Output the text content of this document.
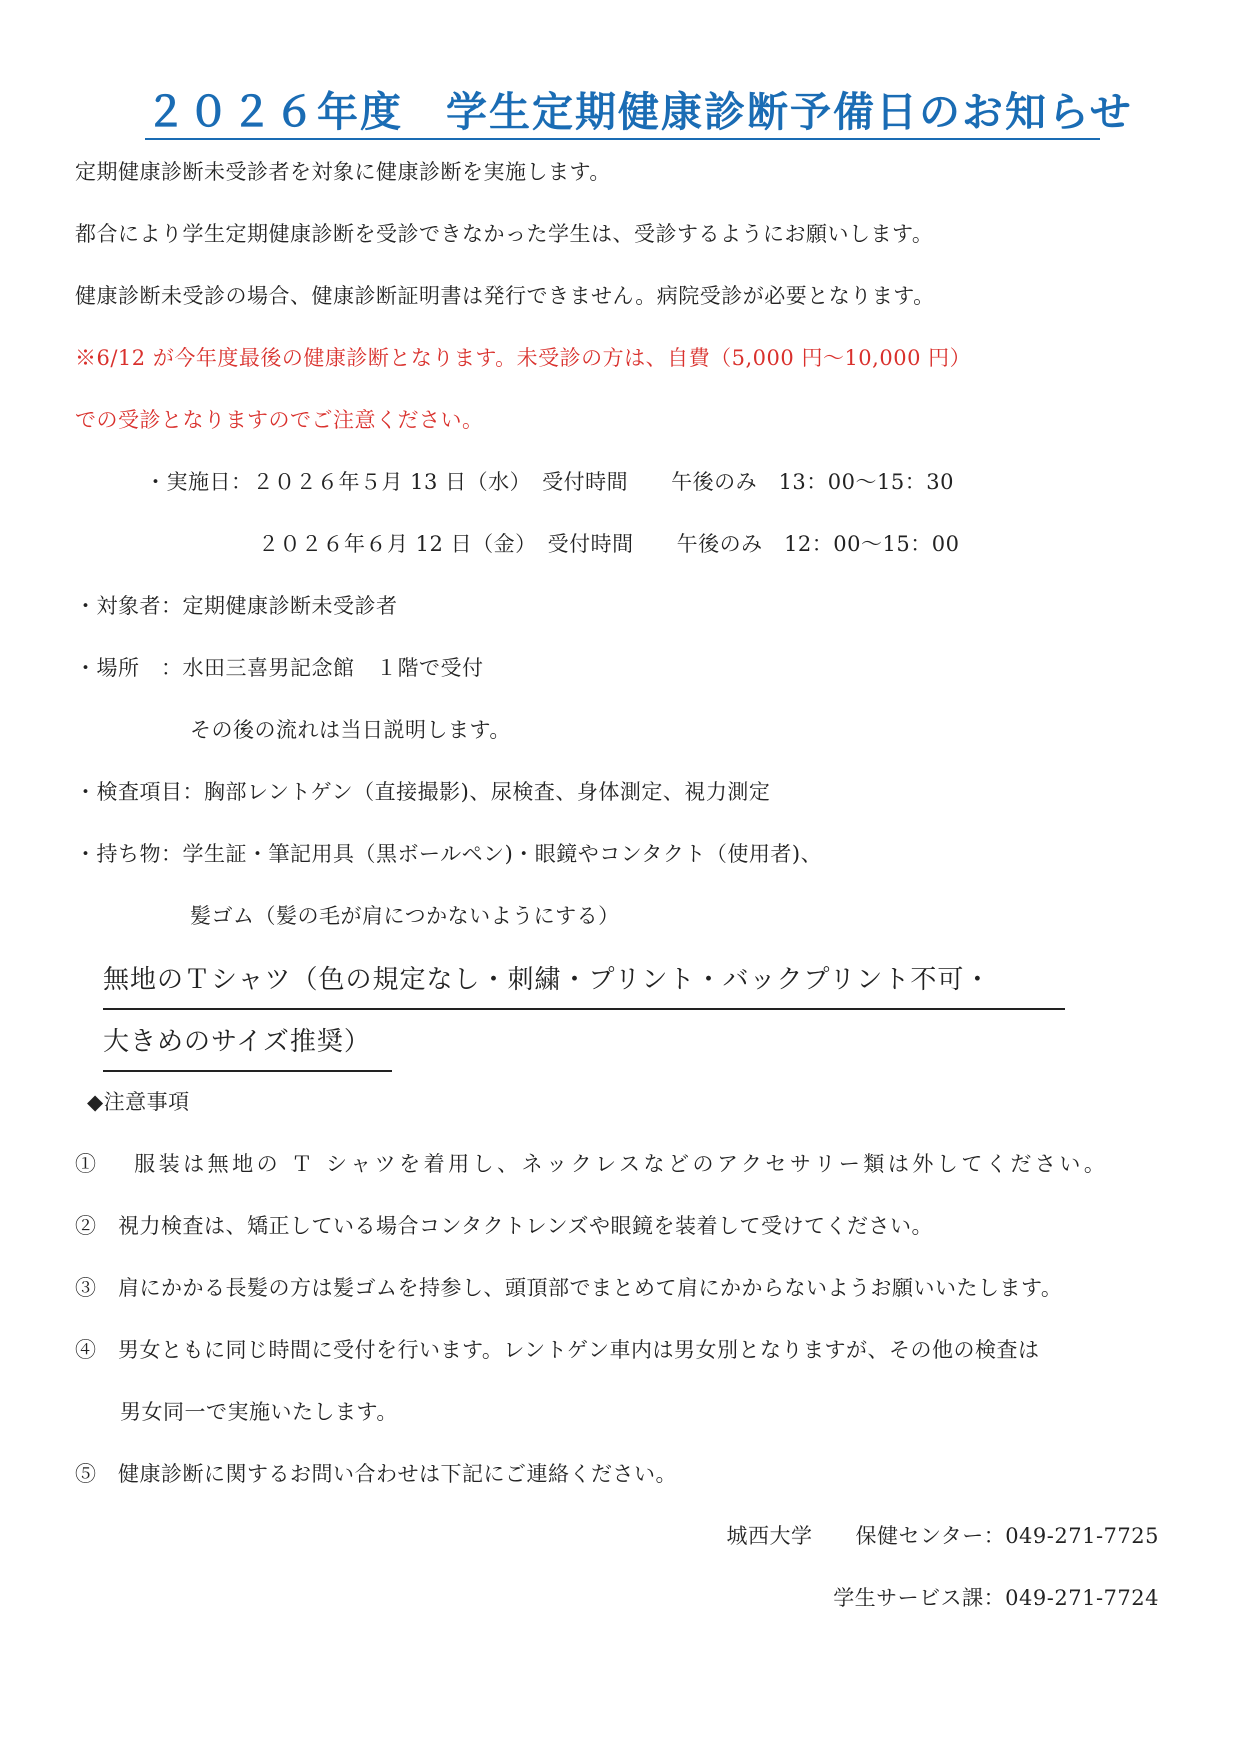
２０２６年度　学生定期健康診断予備日のお知らせ
定期健康診断未受診者を対象に健康診断を実施します。
都合により学生定期健康診断を受診できなかった学生は、受診するようにお願いします。
健康診断未受診の場合、健康診断証明書は発行できません。病院受診が必要となります。
※6/12 が今年度最後の健康診断となります。未受診の方は、自費（5,000 円～10,000 円）
での受診となりますのでご注意ください。
・実施日：２０２６年５月 13 日（水）　受付時間　　午後のみ　13：00～15：30
２０２６年６月 12 日（金）　受付時間　　午後のみ　12：00～15：00
・対象者：定期健康診断未受診者
・場所　：水田三喜男記念館　１階で受付
その後の流れは当日説明します。
・検査項目：胸部レントゲン（直接撮影)、尿検査、身体測定、視力測定
・持ち物：学生証・筆記用具（黒ボールペン)・眼鏡やコンタクト（使用者)、
髪ゴム（髪の毛が肩につかないようにする）
無地のＴシャツ（色の規定なし・刺繍・プリント・バックプリント不可・
大きめのサイズ推奨）
◆注意事項
①　 服装は無地の Ｔ シャツを着用し、ネックレスなどのアクセサリー類は外してください。
②　視力検査は、矯正している場合コンタクトレンズや眼鏡を装着して受けてください。
③　肩にかかる長髪の方は髪ゴムを持参し、頭頂部でまとめて肩にかからないようお願いいたします。
④　男女ともに同じ時間に受付を行います。レントゲン車内は男女別となりますが、その他の検査は
男女同一で実施いたします。
⑤　健康診断に関するお問い合わせは下記にご連絡ください。
城西大学　　保健センター：049-271-7725
学生サービス課：049-271-7724
